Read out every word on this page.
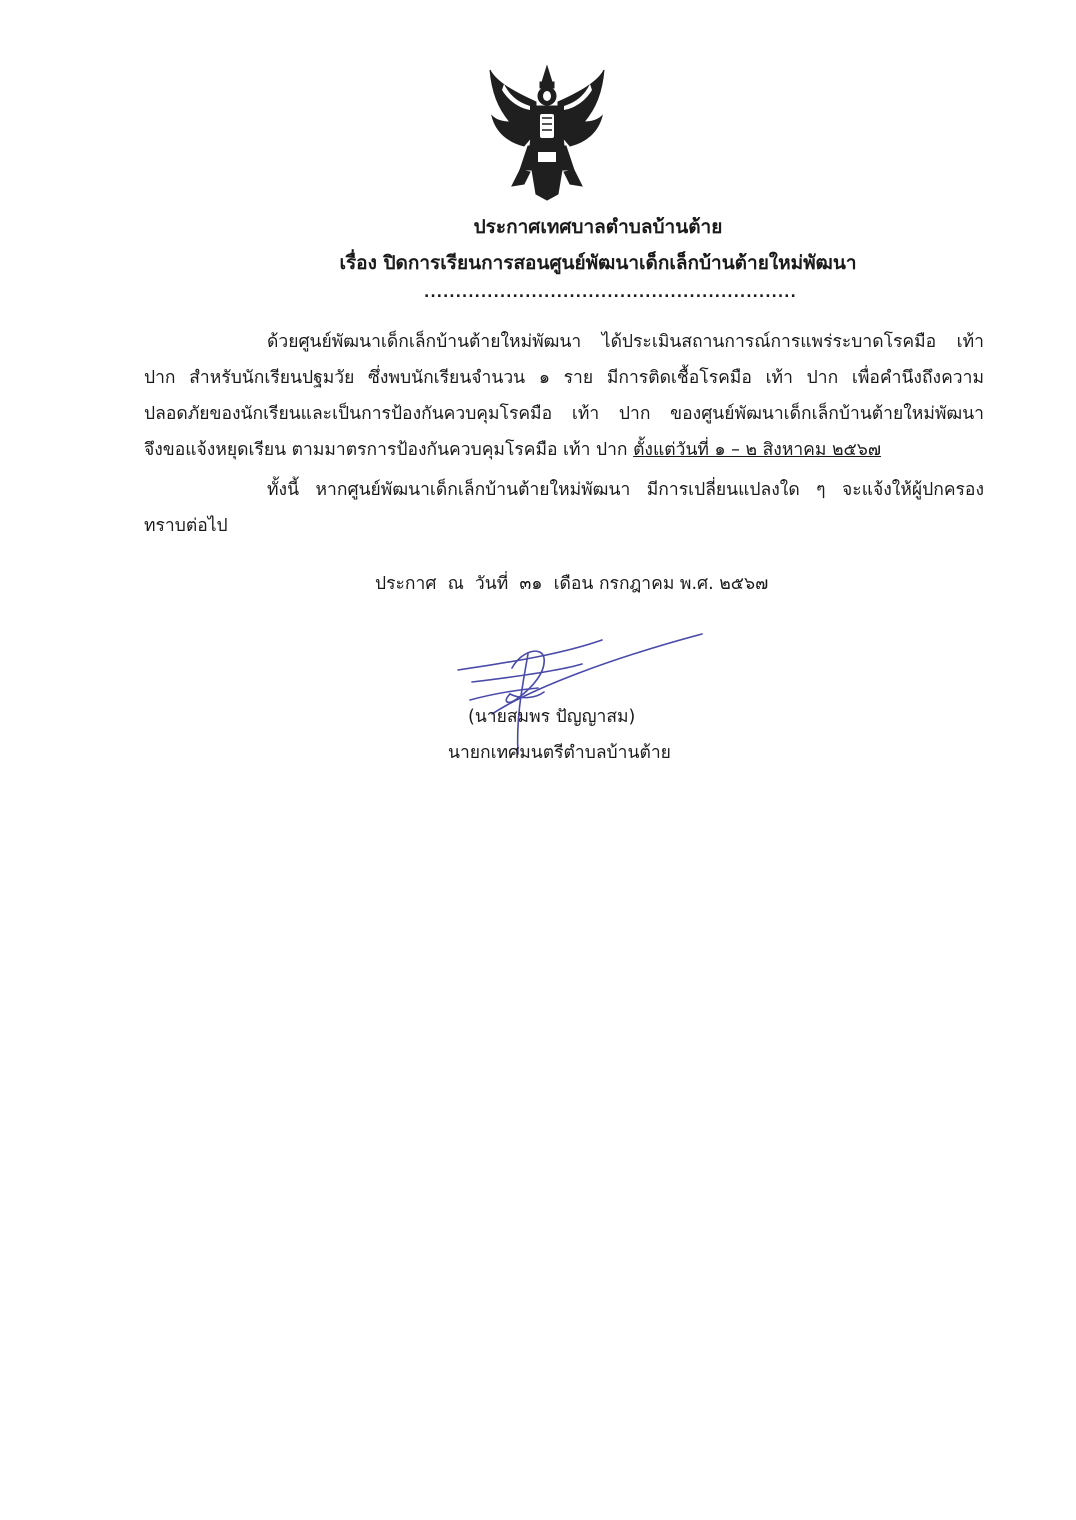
ประกาศเทศบาลตำบลบ้านต้าย
เรื่อง ปิดการเรียนการสอนศูนย์พัฒนาเด็กเล็กบ้านต้ายใหม่พัฒนา
...........................................................
ด้วยศูนย์พัฒนาเด็กเล็กบ้านต้ายใหม่พัฒนา ได้ประเมินสถานการณ์การแพร่ระบาดโรคมือ เท้า
ปาก สำหรับนักเรียนปฐมวัย ซึ่งพบนักเรียนจำนวน ๑ ราย มีการติดเชื้อโรคมือ เท้า ปาก เพื่อคำนึงถึงความ
ปลอดภัยของนักเรียนและเป็นการป้องกันควบคุมโรคมือ เท้า ปาก ของศูนย์พัฒนาเด็กเล็กบ้านต้ายใหม่พัฒนา
จึงขอแจ้งหยุดเรียน ตามมาตรการป้องกันควบคุมโรคมือ เท้า ปาก ตั้งแต่วันที่ ๑ – ๒ สิงหาคม ๒๕๖๗
ทั้งนี้ หากศูนย์พัฒนาเด็กเล็กบ้านต้ายใหม่พัฒนา มีการเปลี่ยนแปลงใด ๆ จะแจ้งให้ผู้ปกครอง
ทราบต่อไป
ประกาศ  ณ  วันที่  ๓๑  เดือน กรกฎาคม พ.ศ. ๒๕๖๗
(นายสมพร ปัญญาสม)
นายกเทศมนตรีตำบลบ้านต้าย
